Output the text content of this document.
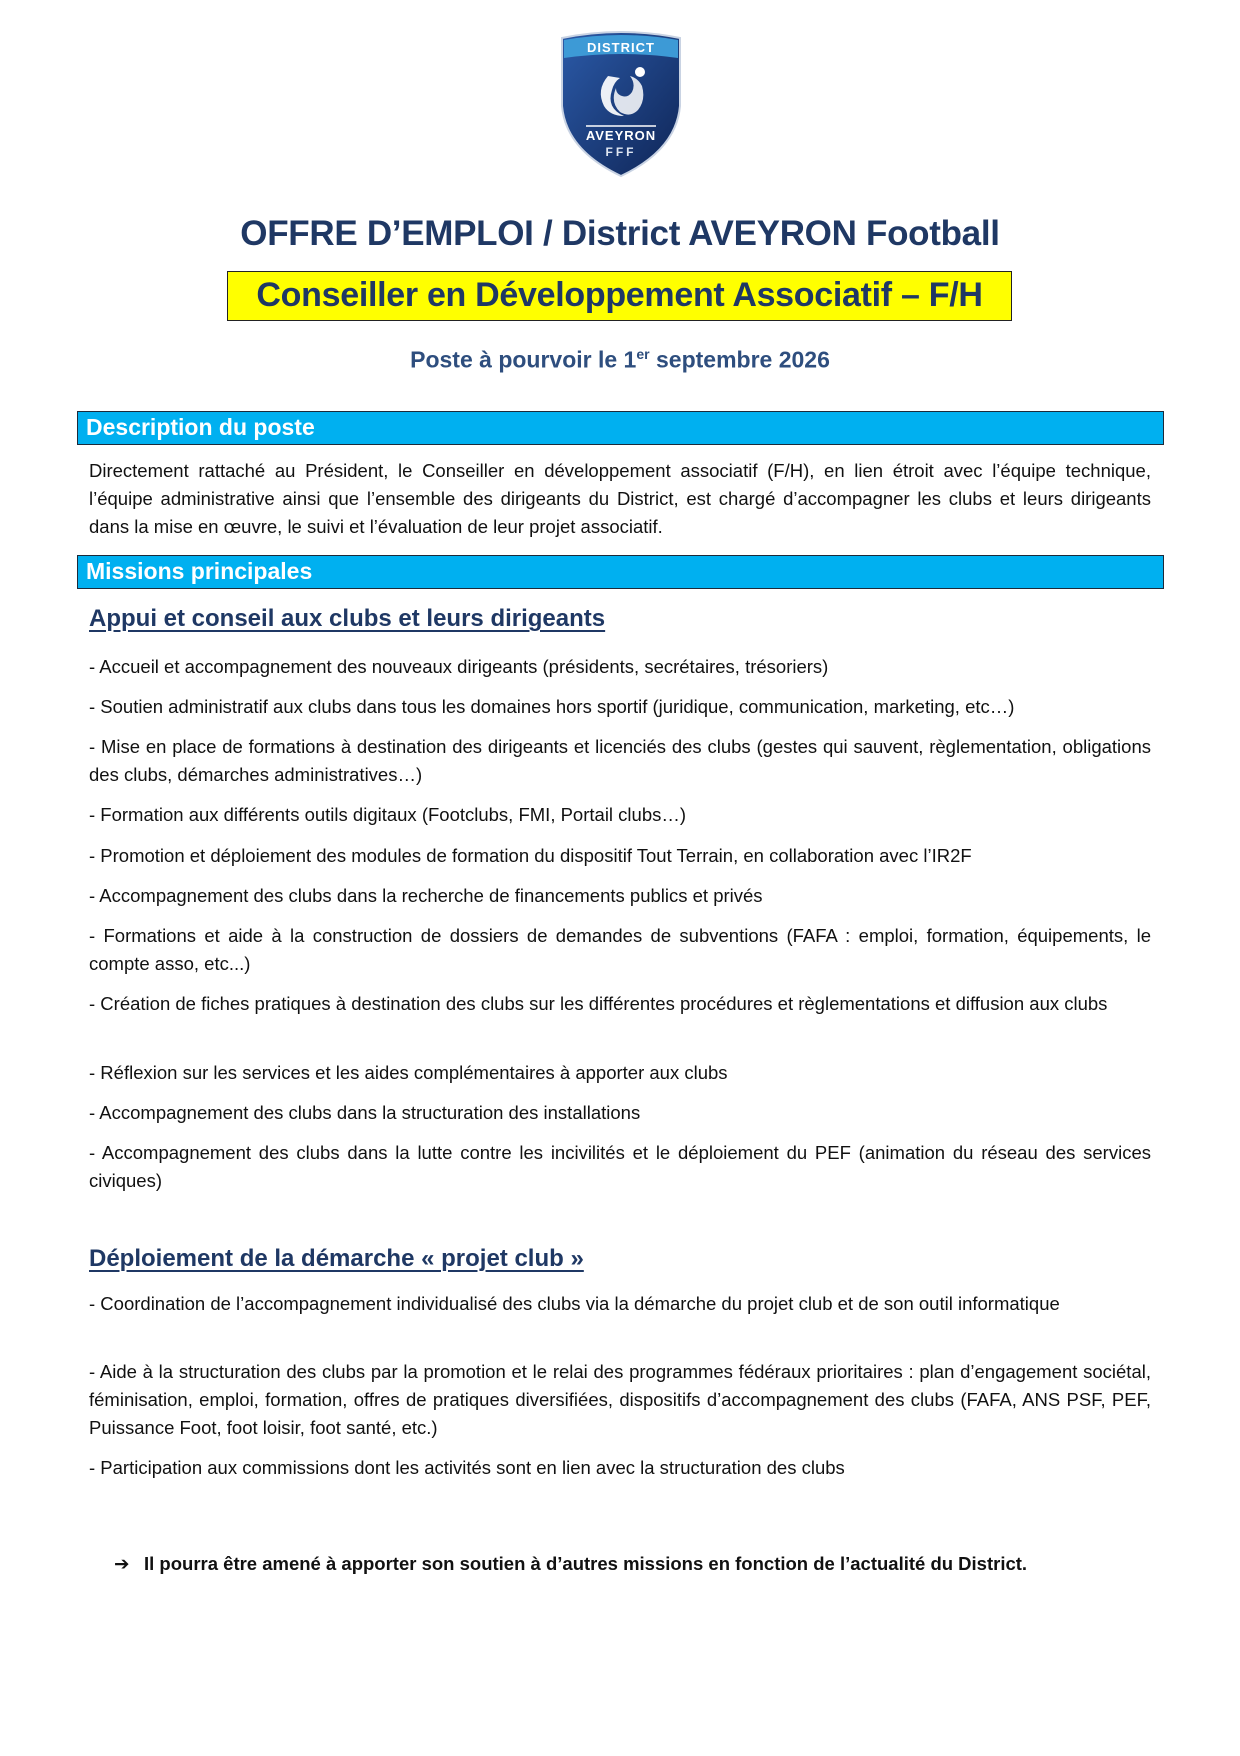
DISTRICT
AVEYRON
FFF
OFFRE D’EMPLOI / District AVEYRON Football
Conseiller en Développement Associatif – F/H
Poste à pourvoir le 1er septembre 2026
Description du poste
Directement rattaché au Président, le Conseiller en développement associatif (F/H), en lien étroit avec l’équipe technique, l’équipe administrative ainsi que l’ensemble des dirigeants du District, est chargé d’accompagner les clubs et leurs dirigeants dans la mise en œuvre, le suivi et l’évaluation de leur projet associatif.
Missions principales
Appui et conseil aux clubs et leurs dirigeants
- Accueil et accompagnement des nouveaux dirigeants (présidents, secrétaires, trésoriers)
- Soutien administratif aux clubs dans tous les domaines hors sportif (juridique, communication, marketing, etc…)
- Mise en place de formations à destination des dirigeants et licenciés des clubs (gestes qui sauvent, règlementation, obligations des clubs, démarches administratives…)
- Formation aux différents outils digitaux (Footclubs, FMI, Portail clubs…)
- Promotion et déploiement des modules de formation du dispositif Tout Terrain, en collaboration avec l’IR2F
- Accompagnement des clubs dans la recherche de financements publics et privés
- Formations et aide à la construction de dossiers de demandes de subventions (FAFA : emploi, formation, équipements, le compte asso, etc...)
- Création de fiches pratiques à destination des clubs sur les différentes procédures et règlementations et diffusion aux clubs
- Réflexion sur les services et les aides complémentaires à apporter aux clubs
- Accompagnement des clubs dans la structuration des installations
- Accompagnement des clubs dans la lutte contre les incivilités et le déploiement du PEF (animation du réseau des services civiques)
Déploiement de la démarche « projet club »
- Coordination de l’accompagnement individualisé des clubs via la démarche du projet club et de son outil informatique
- Aide à la structuration des clubs par la promotion et le relai des programmes fédéraux prioritaires : plan d’engagement sociétal, féminisation, emploi, formation, offres de pratiques diversifiées, dispositifs d’accompagnement des clubs (FAFA, ANS PSF, PEF, Puissance Foot, foot loisir, foot santé, etc.)
- Participation aux commissions dont les activités sont en lien avec la structuration des clubs
➔ Il pourra être amené à apporter son soutien à d’autres missions en fonction de l’actualité du District.
